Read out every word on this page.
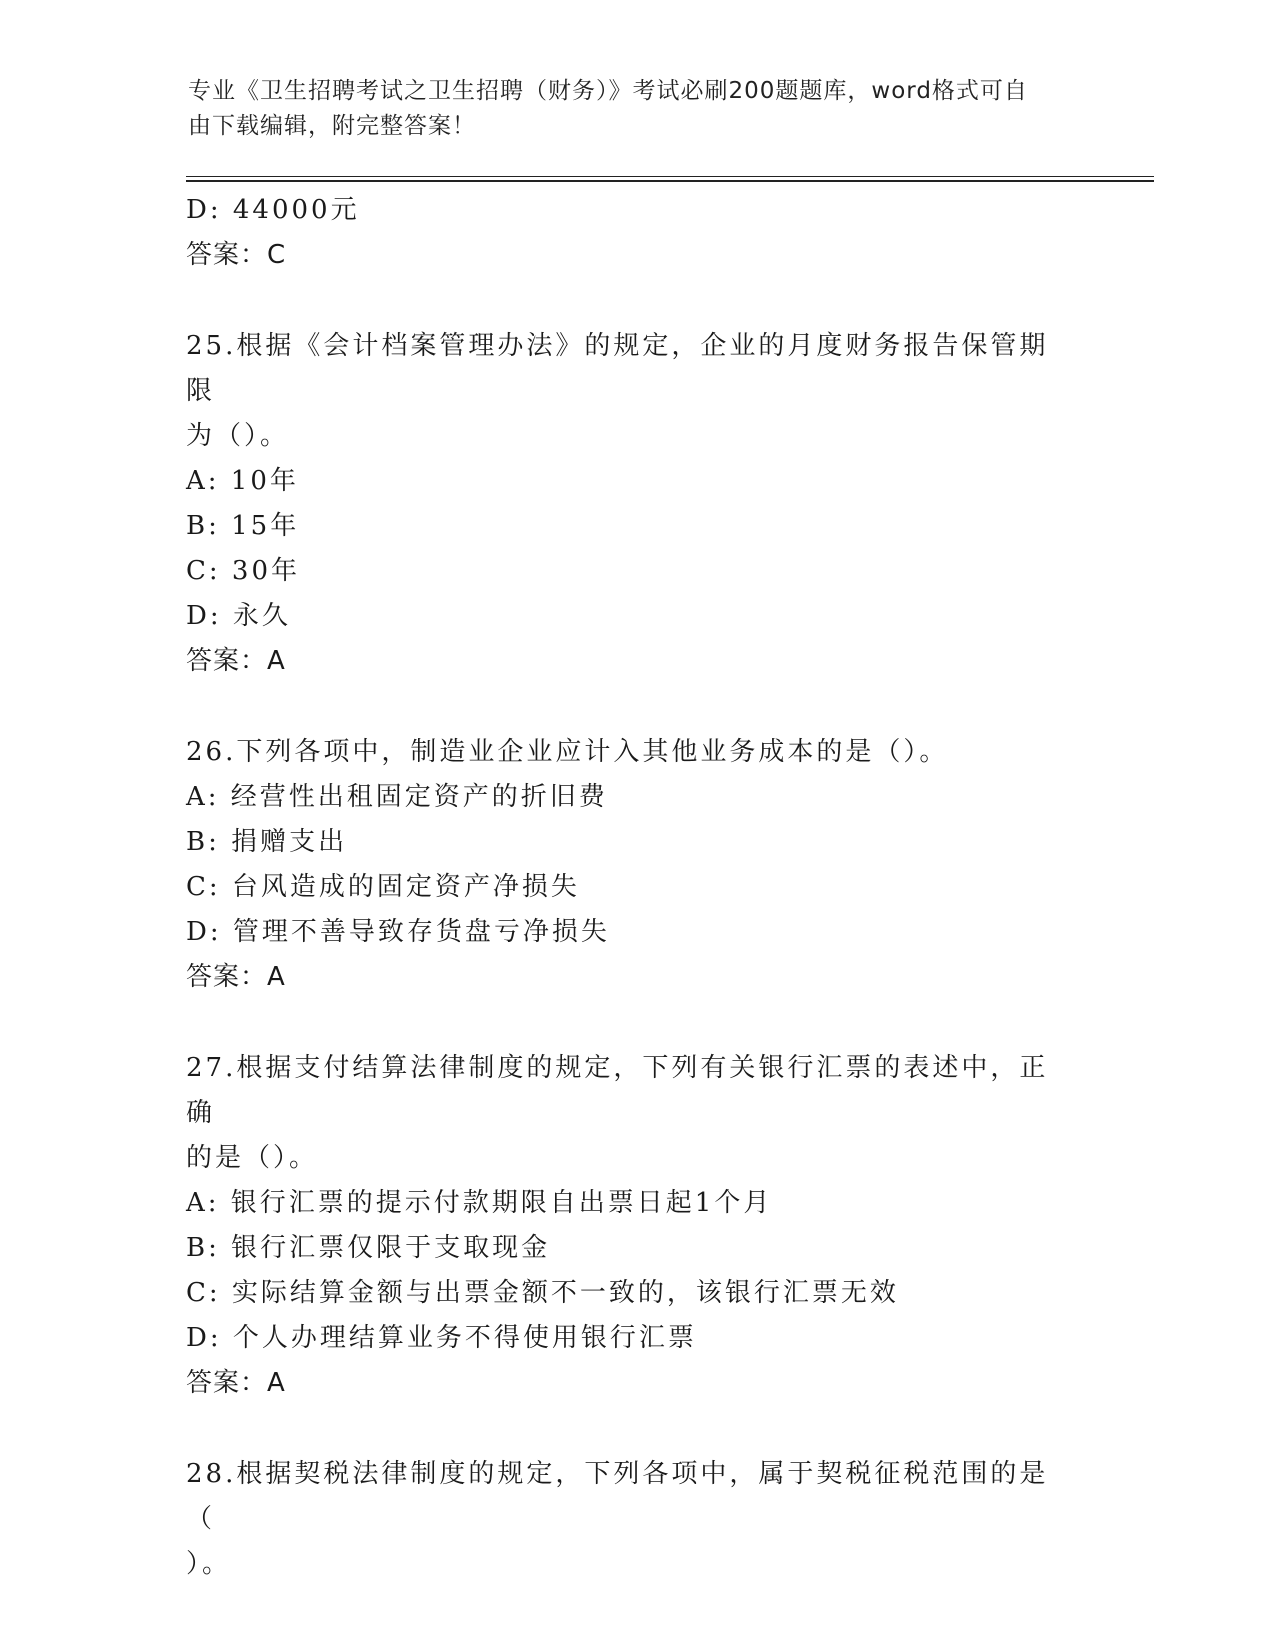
专业《卫生招聘考试之卫生招聘（财务）》考试必刷200题题库，word格式可自
由下载编辑，附完整答案！
D: 44000元
答案：C
25.根据《会计档案管理办法》的规定，企业的月度财务报告保管期限
为（）。
A: 10年
B: 15年
C: 30年
D: 永久
答案：A
26.下列各项中，制造业企业应计入其他业务成本的是（）。
A: 经营性出租固定资产的折旧费
B: 捐赠支出
C: 台风造成的固定资产净损失
D: 管理不善导致存货盘亏净损失
答案：A
27.根据支付结算法律制度的规定，下列有关银行汇票的表述中，正确
的是（）。
A: 银行汇票的提示付款期限自出票日起1个月
B: 银行汇票仅限于支取现金
C: 实际结算金额与出票金额不一致的，该银行汇票无效
D: 个人办理结算业务不得使用银行汇票
答案：A
28.根据契税法律制度的规定，下列各项中，属于契税征税范围的是（
）。
